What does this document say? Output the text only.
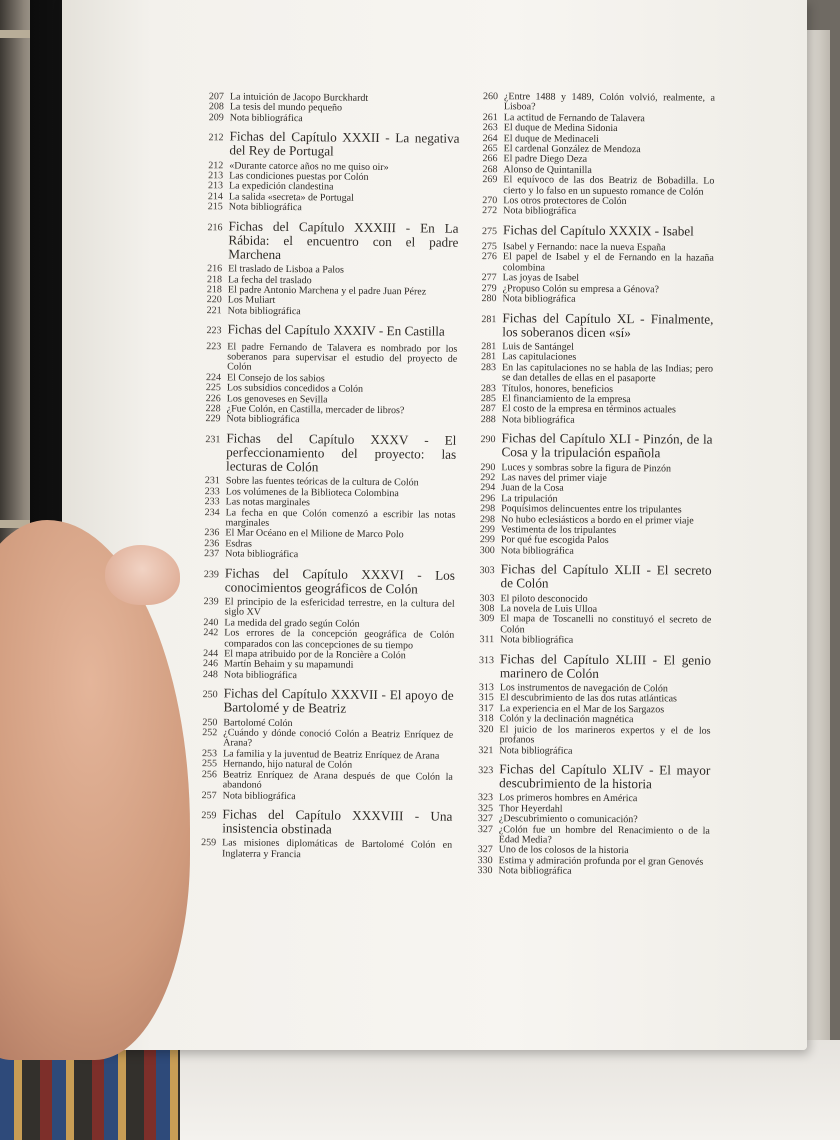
207 La intuición de Jacopo Burckhardt
208 La tesis del mundo pequeño
209 Nota bibliográfica
212 Fichas del Capítulo XXXII - La negativa del Rey de Portugal
212 «Durante catorce años no me quiso oir»
213 Las condiciones puestas por Colón
213 La expedición clandestina
214 La salida «secreta» de Portugal
215 Nota bibliográfica
216 Fichas del Capítulo XXXIII - En La Rábida: el encuentro con el padre Marchena
216 El traslado de Lisboa a Palos
218 La fecha del traslado
218 El padre Antonio Marchena y el padre Juan Pérez
220 Los Muliart
221 Nota bibliográfica
223 Fichas del Capítulo XXXIV - En Castilla
223 El padre Fernando de Talavera es nombrado por los soberanos para supervisar el estudio del proyecto de Colón
224 El Consejo de los sabios
225 Los subsidios concedidos a Colón
226 Los genoveses en Sevilla
228 ¿Fue Colón, en Castilla, mercader de libros?
229 Nota bibliográfica
231 Fichas del Capítulo XXXV - El perfeccionamiento del proyecto: las lecturas de Colón
231 Sobre las fuentes teóricas de la cultura de Colón
233 Los volúmenes de la Biblioteca Colombina
233 Las notas marginales
234 La fecha en que Colón comenzó a escribir las notas marginales
236 El Mar Océano en el Milione de Marco Polo
236 Esdras
237 Nota bibliográfica
239 Fichas del Capítulo XXXVI - Los conocimientos geográficos de Colón
239 El principio de la esfericidad terrestre, en la cultura del siglo XV
240 La medida del grado según Colón
242 Los errores de la concepción geográfica de Colón comparados con las concepciones de su tiempo
244 El mapa atribuido por de la Roncière a Colón
246 Martín Behaim y su mapamundi
248 Nota bibliográfica
250 Fichas del Capítulo XXXVII - El apoyo de Bartolomé y de Beatriz
250 Bartolomé Colón
252 ¿Cuándo y dónde conoció Colón a Beatriz Enríquez de Arana?
253 La familia y la juventud de Beatriz Enríquez de Arana
255 Hernando, hijo natural de Colón
256 Beatriz Enríquez de Arana después de que Colón la abandonó
257 Nota bibliográfica
259 Fichas del Capítulo XXXVIII - Una insistencia obstinada
259 Las misiones diplomáticas de Bartolomé Colón en Inglaterra y Francia
260 ¿Entre 1488 y 1489, Colón volvió, realmente, a Lisboa?
261 La actitud de Fernando de Talavera
263 El duque de Medina Sidonia
264 El duque de Medinaceli
265 El cardenal González de Mendoza
266 El padre Diego Deza
268 Alonso de Quintanilla
269 El equívoco de las dos Beatriz de Bobadilla. Lo cierto y lo falso en un supuesto romance de Colón
270 Los otros protectores de Colón
272 Nota bibliográfica
275 Fichas del Capítulo XXXIX - Isabel
275 Isabel y Fernando: nace la nueva España
276 El papel de Isabel y el de Fernando en la hazaña colombina
277 Las joyas de Isabel
279 ¿Propuso Colón su empresa a Génova?
280 Nota bibliográfica
281 Fichas del Capítulo XL - Finalmente, los soberanos dicen «sí»
281 Luis de Santángel
281 Las capitulaciones
283 En las capitulaciones no se habla de las Indias; pero se dan detalles de ellas en el pasaporte
283 Títulos, honores, beneficios
285 El financiamiento de la empresa
287 El costo de la empresa en términos actuales
288 Nota bibliográfica
290 Fichas del Capítulo XLI - Pinzón, de la Cosa y la tripulación española
290 Luces y sombras sobre la figura de Pinzón
292 Las naves del primer viaje
294 Juan de la Cosa
296 La tripulación
298 Poquísimos delincuentes entre los tripulantes
298 No hubo eclesiásticos a bordo en el primer viaje
299 Vestimenta de los tripulantes
299 Por qué fue escogida Palos
300 Nota bibliográfica
303 Fichas del Capítulo XLII - El secreto de Colón
303 El piloto desconocido
308 La novela de Luis Ulloa
309 El mapa de Toscanelli no constituyó el secreto de Colón
311 Nota bibliográfica
313 Fichas del Capítulo XLIII - El genio marinero de Colón
313 Los instrumentos de navegación de Colón
315 El descubrimiento de las dos rutas atlánticas
317 La experiencia en el Mar de los Sargazos
318 Colón y la declinación magnética
320 El juicio de los marineros expertos y el de los profanos
321 Nota bibliográfica
323 Fichas del Capítulo XLIV - El mayor descubrimiento de la historia
323 Los primeros hombres en América
325 Thor Heyerdahl
327 ¿Descubrimiento o comunicación?
327 ¿Colón fue un hombre del Renacimiento o de la Edad Media?
327 Uno de los colosos de la historia
330 Estima y admiración profunda por el gran Genovés
330 Nota bibliográfica
